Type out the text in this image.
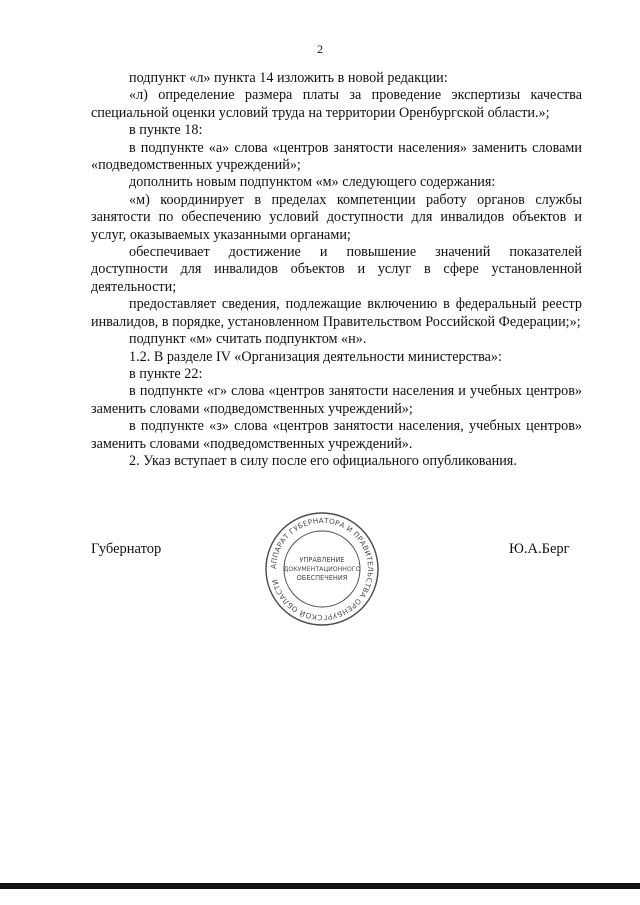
2

подпункт «л» пункта 14 изложить в новой редакции:

«л) определение размера платы за проведение экспертизы качества специальной оценки условий труда на территории Оренбургской области.»;

в пункте 18:

в подпункте «а» слова «центров занятости населения» заменить словами «подведомственных учреждений»;

дополнить новым подпунктом «м» следующего содержания:

«м) координирует в пределах компетенции работу органов службы занятости по обеспечению условий доступности для инвалидов объектов и услуг, оказываемых указанными органами;

обеспечивает достижение и повышение значений показателей доступности для инвалидов объектов и услуг в сфере установленной деятельности;

предоставляет сведения, подлежащие включению в федеральный реестр инвалидов, в порядке, установленном Правительством Российской Федерации;»;

подпункт «м» считать подпунктом «н».

1.2. В разделе IV «Организация деятельности министерства»:

в пункте 22:

в подпункте «г» слова «центров занятости населения и учебных центров» заменить словами «подведомственных учреждений»;

в подпункте «з» слова «центров занятости населения, учебных центров» заменить словами «подведомственных учреждений».

2. Указ вступает в силу после его официального опубликования.

Губернатор
АППАРАТ ГУБЕРНАТОРА И ПРАВИТЕЛЬСТВА ОРЕНБУРГСКОЙ ОБЛАСТИ
УПРАВЛЕНИЕ
ДОКУМЕНТАЦИОННОГО
ОБЕСПЕЧЕНИЯ
Ю.А.Берг
